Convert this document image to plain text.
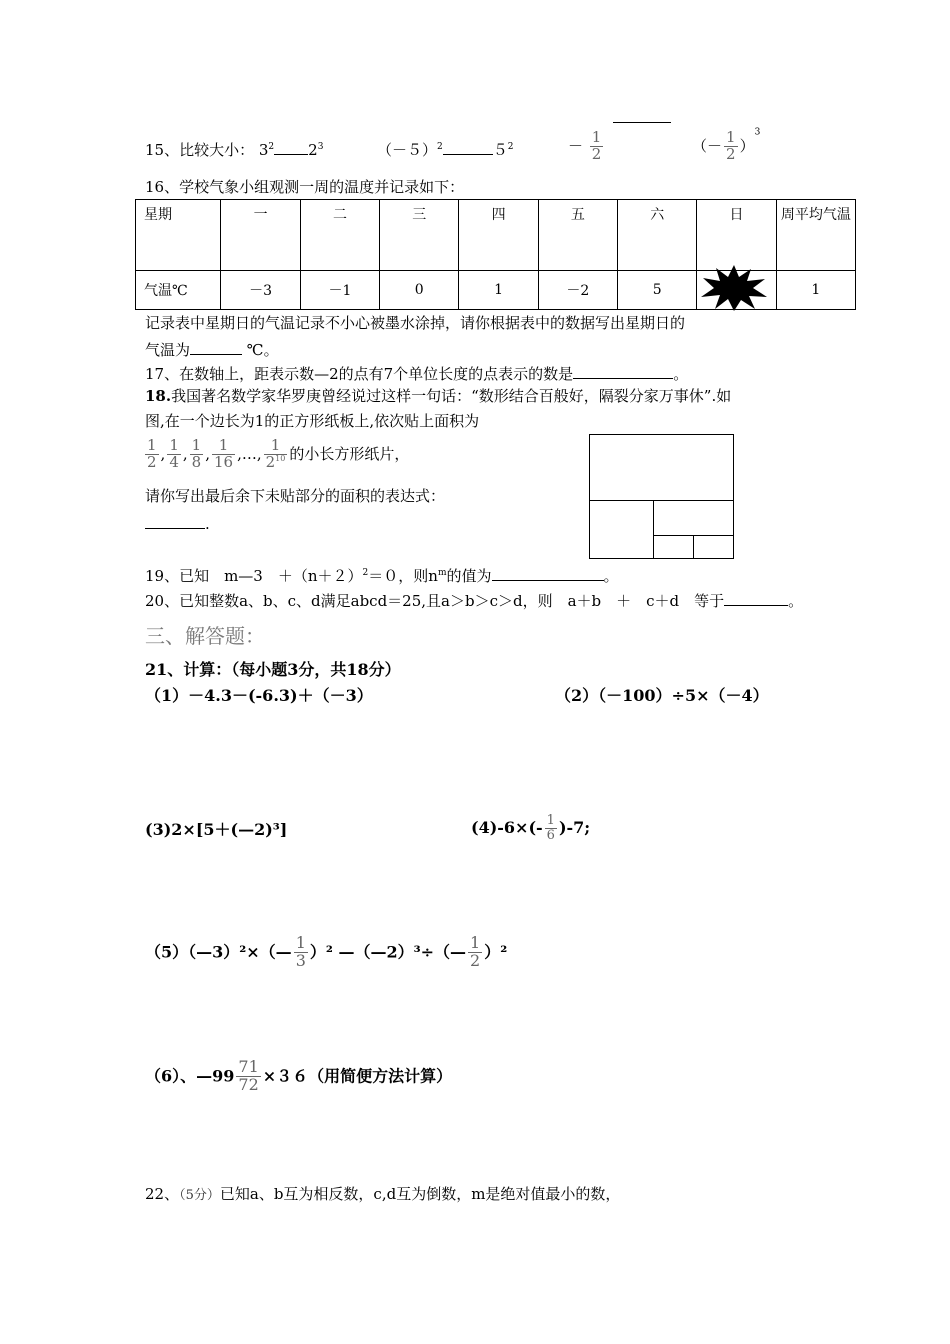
15、比较大小： $3^2$ $2^3$	$(-5)^2$	$5^2$	－ $\frac{1}{2}$	（－ $\frac{1}{2} )^3$
16、学校气象小组观测一周的温度并记录如下：
星期	一	二	三	四	五	六	日	周平均气温
气温℃	－3	－1	0	1	－2	5		1
记录表中星期日的气温记录不小心被墨水涂掉，请你根据表中的数据写出星期日的
气温为	℃。
17、在数轴上，距表示数—2的点有7个单位长度的点表示的数是	。
18.我国著名数学家华罗庚曾经说过这样一句话：“数形结合百般好，隔裂分家万事休”.如
图,在一个边长为1的正方形纸板上,依次贴上面积为
$\frac{1}{2}$ , $\frac{1}{4}$ , $\frac{1}{8}$ , $\frac{1}{16}$ ,…, $\frac{1}{2^{10}}$ 的小长方形纸片，
请你写出最后余下未贴部分的面积的表达式：
.
19、已知　m—3　$+(n+2)^2=0$，则$n^m$的值为	。
20、已知整数a、b、c、d满足abcd＝25,且a＞b＞c＞d，则　a＋b　＋　c＋d　等于	。
三、解答题：
21、计算：（每小题3分，共18分）
（1）－4.3－(-6.3)＋（－3）	（2）（－100）÷5×（－4）
(3)2×[5＋(—2)³]	$(4)-6\times(- \frac{1}{6} )-7$;
（5）（—3）²×（— $\frac{1}{3} )^2$ —（—2）³÷（— $\frac{1}{2} )^2$
（6）、—99 $\frac{71}{72} \times 36$（用简便方法计算）
22、（5分）已知a、b互为相反数，c,d互为倒数，m是绝对值最小的数，
